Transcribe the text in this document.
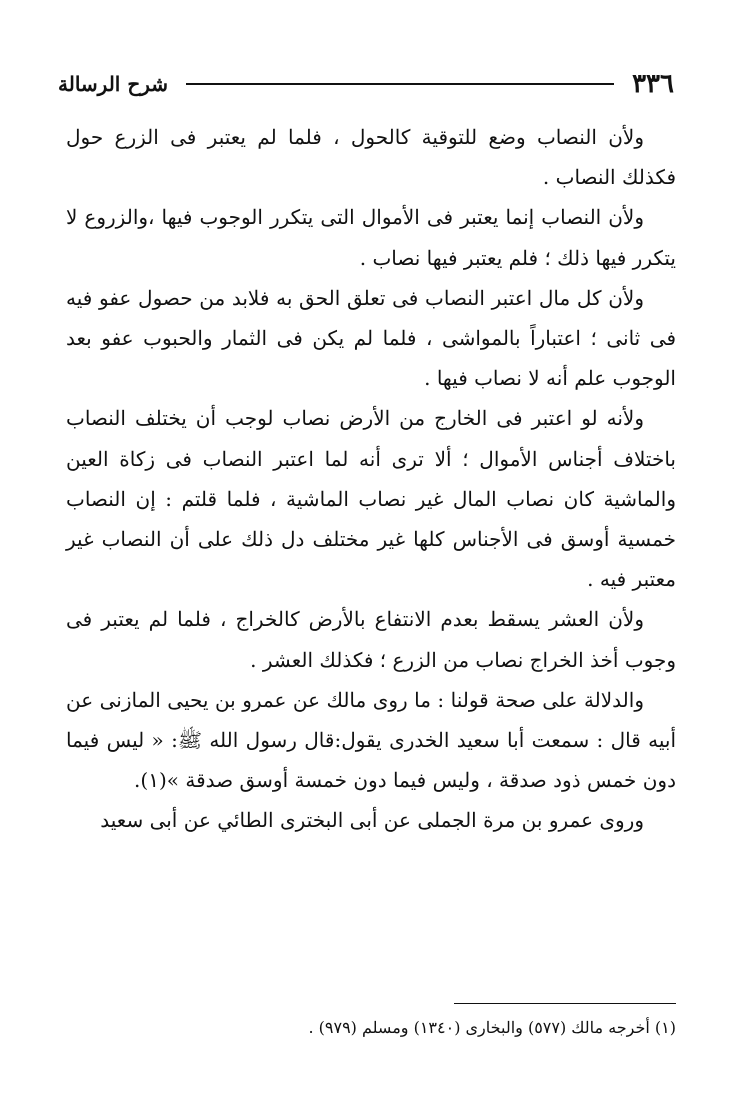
٣٣٦
شرح الرسالة

ولأن النصاب وضع للتوقية كالحول ، فلما لم يعتبر فى الزرع حول فكذلك النصاب .

ولأن النصاب إنما يعتبر فى الأموال التى يتكرر الوجوب فيها ،والزروع لا يتكرر فيها ذلك ؛ فلم يعتبر فيها نصاب .

ولأن كل مال اعتبر النصاب فى تعلق الحق به فلابد من حصول عفو فيه فى ثانى ؛ اعتباراً بالمواشى ، فلما لم يكن فى الثمار والحبوب عفو بعد الوجوب علم أنه لا نصاب فيها .

ولأنه لو اعتبر فى الخارج من الأرض نصاب لوجب أن يختلف النصاب باختلاف أجناس الأموال ؛ ألا ترى أنه لما اعتبر النصاب فى زكاة العين والماشية كان نصاب المال غير نصاب الماشية ، فلما قلتم : إن النصاب خمسية أوسق فى الأجناس كلها غير مختلف دل ذلك على أن النصاب غير معتبر فيه .

ولأن العشر يسقط بعدم الانتفاع بالأرض كالخراج ، فلما لم يعتبر فى وجوب أخذ الخراج نصاب من الزرع ؛ فكذلك العشر .

والدلالة على صحة قولنا : ما روى مالك عن عمرو بن يحيى المازنى عن أبيه قال : سمعت أبا سعيد الخدرى يقول:قال رسول الله ﷺ: « ليس فيما دون خمس ذود صدقة ، وليس فيما دون خمسة أوسق صدقة »(١).

وروى عمرو بن مرة الجملى عن أبى البخترى الطائي عن أبى سعيد

(١) أخرجه مالك (٥٧٧) والبخارى (١٣٤٠) ومسلم (٩٧٩) .
